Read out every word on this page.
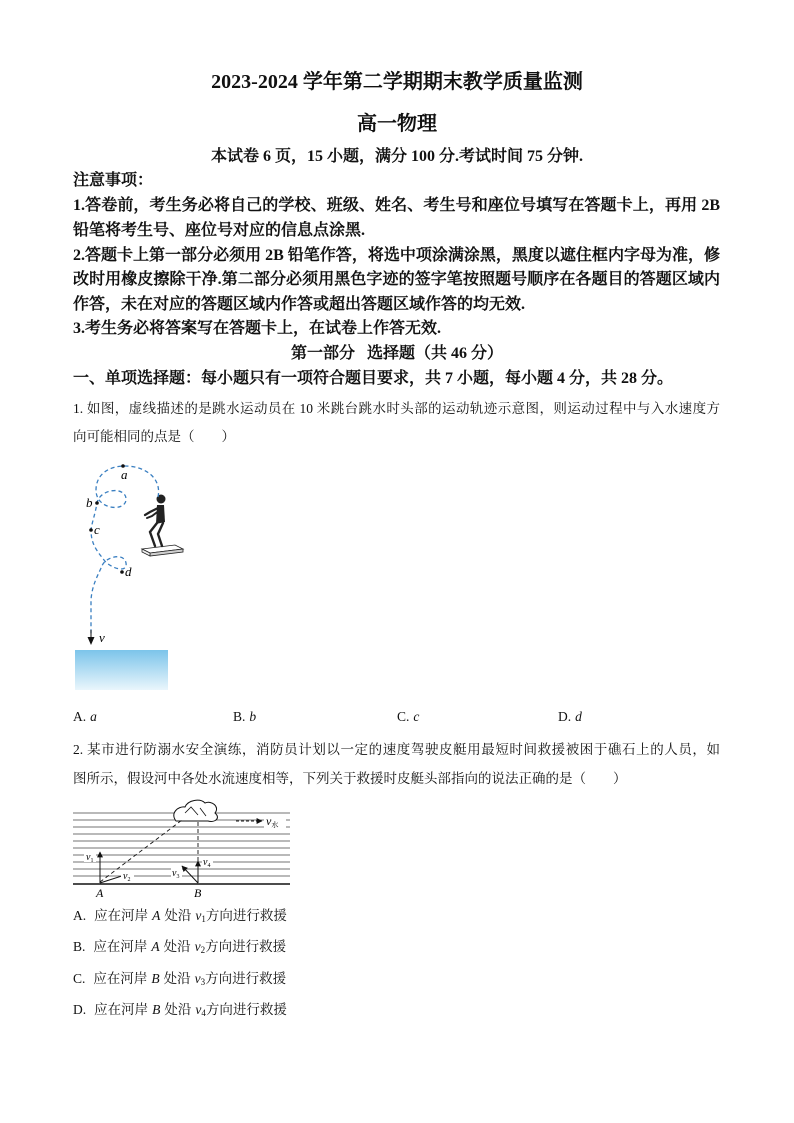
2023-2024 学年第二学期期末教学质量监测
高一物理
本试卷 6 页，15 小题，满分 100 分.考试时间 75 分钟.
注意事项：
1.答卷前，考生务必将自己的学校、班级、姓名、考生号和座位号填写在答题卡上，再用 2B
铅笔将考生号、座位号对应的信息点涂黑.
2.答题卡上第一部分必须用 2B 铅笔作答，将选中项涂满涂黑，黑度以遮住框内字母为准，修
改时用橡皮擦除干净.第二部分必须用黑色字迹的签字笔按照题号顺序在各题目的答题区域内
作答，未在对应的答题区域内作答或超出答题区域作答的均无效.
3.考生务必将答案写在答题卡上，在试卷上作答无效.
第一部分   选择题（共 46 分）
一、单项选择题：每小题只有一项符合题目要求，共 7 小题，每小题 4 分，共 28 分。
1. 如图，虚线描述的是跳水运动员在 10 米跳台跳水时头部的运动轨迹示意图，则运动过程中与入水速度方
向可能相同的点是（　　）
v
a
b
c
d
A. a	B. b	C. c	D. d
2. 某市进行防溺水安全演练，消防员计划以一定的速度驾驶皮艇用最短时间救援被困于礁石上的人员，如
图所示，假设河中各处水流速度相等，下列关于救援时皮艇头部指向的说法正确的是（　　）
v水
$v_1$
$v_2$
$v_3$
$v_4$
A	B
A. 应在河岸 A 处沿 $v_1$方向进行救援
B. 应在河岸 A 处沿 $v_2$方向进行救援
C. 应在河岸 B 处沿 $v_3$方向进行救援
D. 应在河岸 B 处沿 $v_4$方向进行救援
